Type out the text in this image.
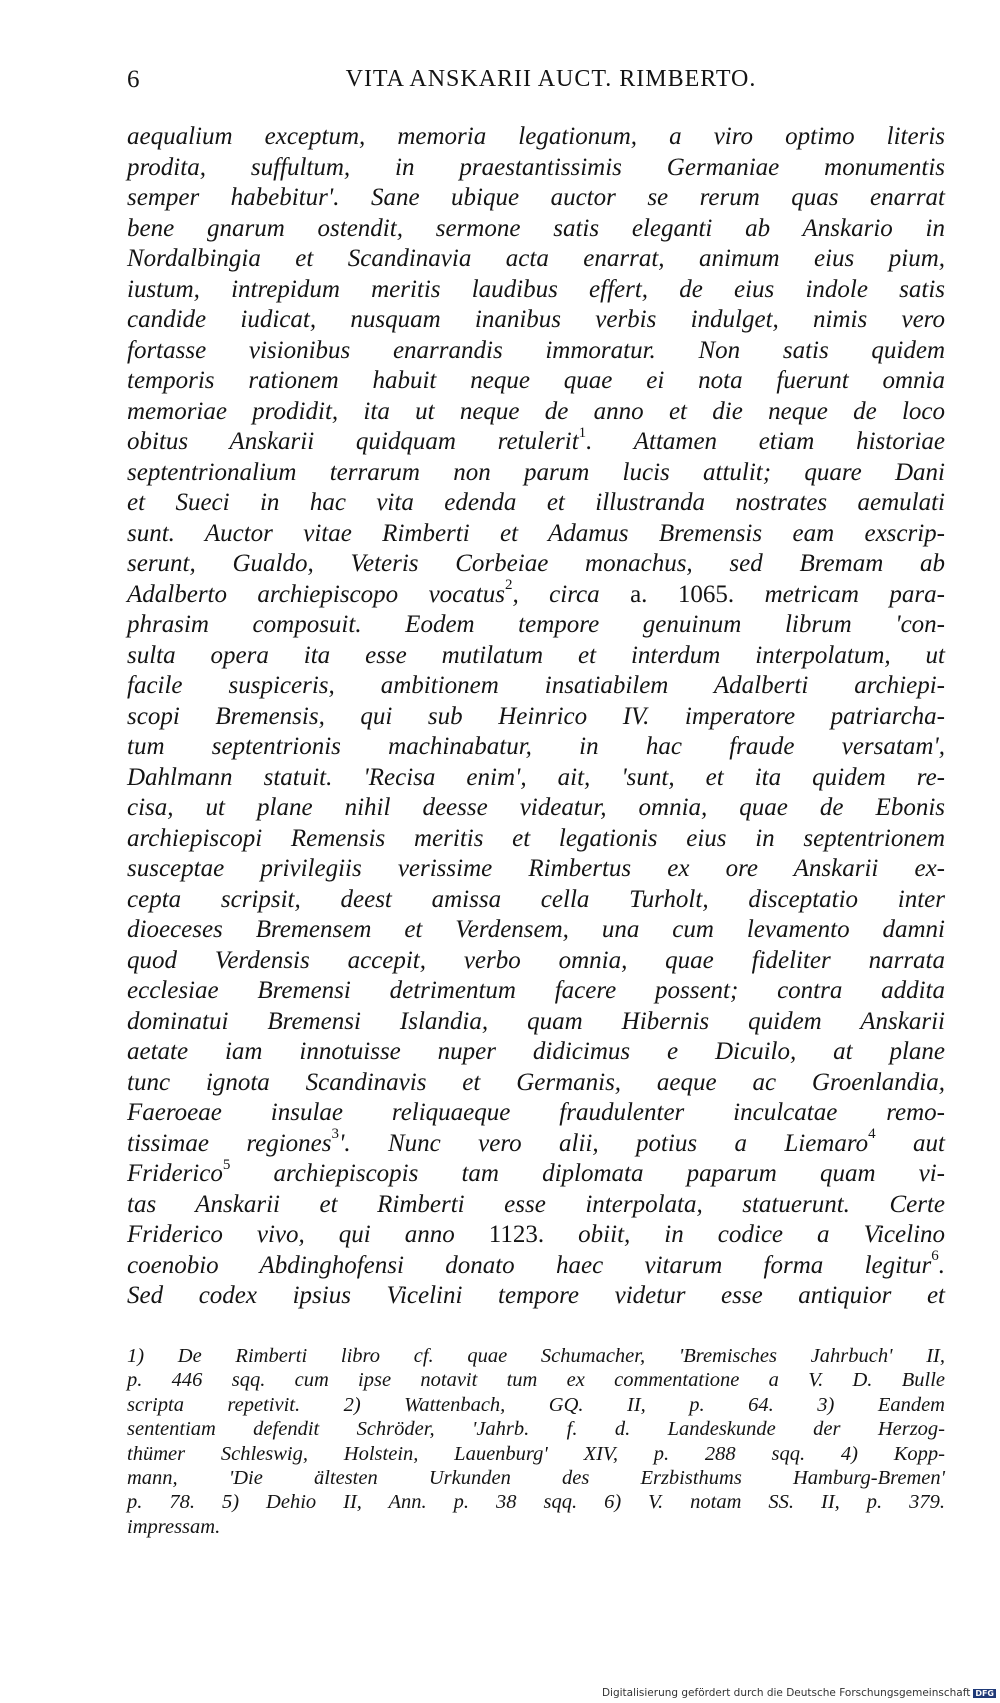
6	VITA ANSKARII AUCT. RIMBERTO.
aequalium exceptum, memoria legationum, a viro optimo literis
prodita, suffultum, in praestantissimis Germaniae monumentis
semper habebitur'. Sane ubique auctor se rerum quas enarrat
bene gnarum ostendit, sermone satis eleganti ab Anskario in
Nordalbingia et Scandinavia acta enarrat, animum eius pium,
iustum, intrepidum meritis laudibus effert, de eius indole satis
candide iudicat, nusquam inanibus verbis indulget, nimis vero
fortasse visionibus enarrandis immoratur. Non satis quidem
temporis rationem habuit neque quae ei nota fuerunt omnia
memoriae prodidit, ita ut neque de anno et die neque de loco
obitus Anskarii quidquam retulerit$^1$. Attamen etiam historiae
septentrionalium terrarum non parum lucis attulit; quare Dani
et Sueci in hac vita edenda et illustranda nostrates aemulati
sunt. Auctor vitae Rimberti et Adamus Bremensis eam exscrip-
serunt, Gualdo, Veteris Corbeiae monachus, sed Bremam ab
Adalberto archiepiscopo vocatus$^2$, circa a. 1065. metricam para-
phrasim composuit. Eodem tempore genuinum librum 'con-
sulta opera ita esse mutilatum et interdum interpolatum, ut
facile suspiceris, ambitionem insatiabilem Adalberti archiepi-
scopi Bremensis, qui sub Heinrico IV. imperatore patriarcha-
tum septentrionis machinabatur, in hac fraude versatam',
Dahlmann statuit. 'Recisa enim', ait, 'sunt, et ita quidem re-
cisa, ut plane nihil deesse videatur, omnia, quae de Ebonis
archiepiscopi Remensis meritis et legationis eius in septentrionem
susceptae privilegiis verissime Rimbertus ex ore Anskarii ex-
cepta scripsit, deest amissa cella Turholt, disceptatio inter
dioeceses Bremensem et Verdensem, una cum levamento damni
quod Verdensis accepit, verbo omnia, quae fideliter narrata
ecclesiae Bremensi detrimentum facere possent; contra addita
dominatui Bremensi Islandia, quam Hibernis quidem Anskarii
aetate iam innotuisse nuper didicimus e Dicuilo, at plane
tunc ignota Scandinavis et Germanis, aeque ac Groenlandia,
Faeroeae insulae reliquaeque fraudulenter inculcatae remo-
tissimae regiones$^3$'. Nunc vero alii, potius a Liemaro$^4$ aut
Friderico$^5$ archiepiscopis tam diplomata paparum quam vi-
tas Anskarii et Rimberti esse interpolata, statuerunt. Certe
Friderico vivo, qui anno 1123. obiit, in codice a Vicelino
coenobio Abdinghofensi donato haec vitarum forma legitur$^6$.
Sed codex ipsius Vicelini tempore videtur esse antiquior et
1) De Rimberti libro cf. quae Schumacher, 'Bremisches Jahrbuch' II,
p. 446 sqq. cum ipse notavit tum ex commentatione a V. D. Bulle
scripta repetivit. 2) Wattenbach, GQ. II, p. 64. 3) Eandem
sententiam defendit Schröder, 'Jahrb. f. d. Landeskunde der Herzog-
thümer Schleswig, Holstein, Lauenburg' XIV, p. 288 sqq. 4) Kopp-
mann, 'Die ältesten Urkunden des Erzbisthums Hamburg-Bremen'
p. 78. 5) Dehio II, Ann. p. 38 sqq. 6) V. notam SS. II, p. 379.
impressam.
Digitalisierung gefördert durch die Deutsche Forschungsgemeinschaft DFG
